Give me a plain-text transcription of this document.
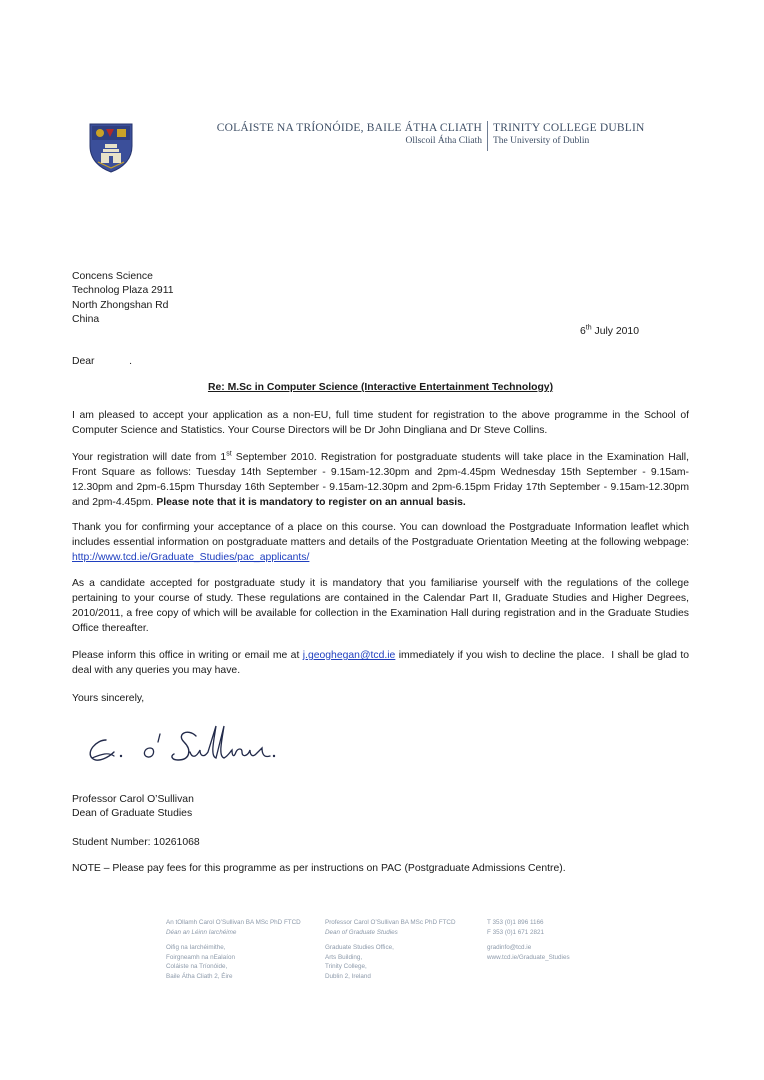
COLÁISTE NA TRÍONÓIDE, BAILE ÁTHA CLIATH
Ollscoil Átha Cliath
TRINITY COLLEGE DUBLIN
The University of Dublin
Concens Science
Technolog Plaza 2911
North Zhongshan Rd
China
6th July 2010
Dear            .
Re: M.Sc in Computer Science (Interactive Entertainment Technology)
I am pleased to accept your application as a non-EU, full time student for registration to the above programme in the School of Computer Science and Statistics. Your Course Directors will be Dr John Dingliana and Dr Steve Collins.
Your registration will date from 1st September 2010. Registration for postgraduate students will take place in the Examination Hall, Front Square as follows: Tuesday 14th September - 9.15am-12.30pm and 2pm-4.45pm Wednesday 15th September - 9.15am-12.30pm and 2pm-6.15pm Thursday 16th September - 9.15am-12.30pm and 2pm-6.15pm Friday 17th September - 9.15am-12.30pm and 2pm-4.45pm. Please note that it is mandatory to register on an annual basis.
Thank you for confirming your acceptance of a place on this course. You can download the Postgraduate Information leaflet which includes essential information on postgraduate matters and details of the Postgraduate Orientation Meeting at the following webpage:  http://www.tcd.ie/Graduate_Studies/pac_applicants/
As a candidate accepted for postgraduate study it is mandatory that you familiarise yourself with the regulations of the college pertaining to your course of study. These regulations are contained in the Calendar Part II, Graduate Studies and Higher Degrees, 2010/2011, a free copy of which will be available for collection in the Examination Hall during registration and in the Graduate Studies Office thereafter.
Please inform this office in writing or email me at j.geoghegan@tcd.ie immediately if you wish to decline the place.  I shall be glad to deal with any queries you may have.
Yours sincerely,
Professor Carol O’Sullivan
Dean of Graduate Studies
Student Number: 10261068
NOTE – Please pay fees for this programme as per instructions on PAC (Postgraduate Admissions Centre).
An tOllamh Carol O’Sullivan BA MSc PhD FTCD
Déan an Léinn Iarchéime
Oifig na Iarchéimithe,
Foirgneamh na nEalaíon
Coláiste na Tríonóide,
Baile Átha Cliath 2, Éire
Professor Carol O’Sullivan BA MSc PhD FTCD
Dean of Graduate Studies
Graduate Studies Office,
Arts Building,
Trinity College,
Dublin 2, Ireland
T 353 (0)1 896 1166
F 353 (0)1 671 2821
gradinfo@tcd.ie
www.tcd.ie/Graduate_Studies
